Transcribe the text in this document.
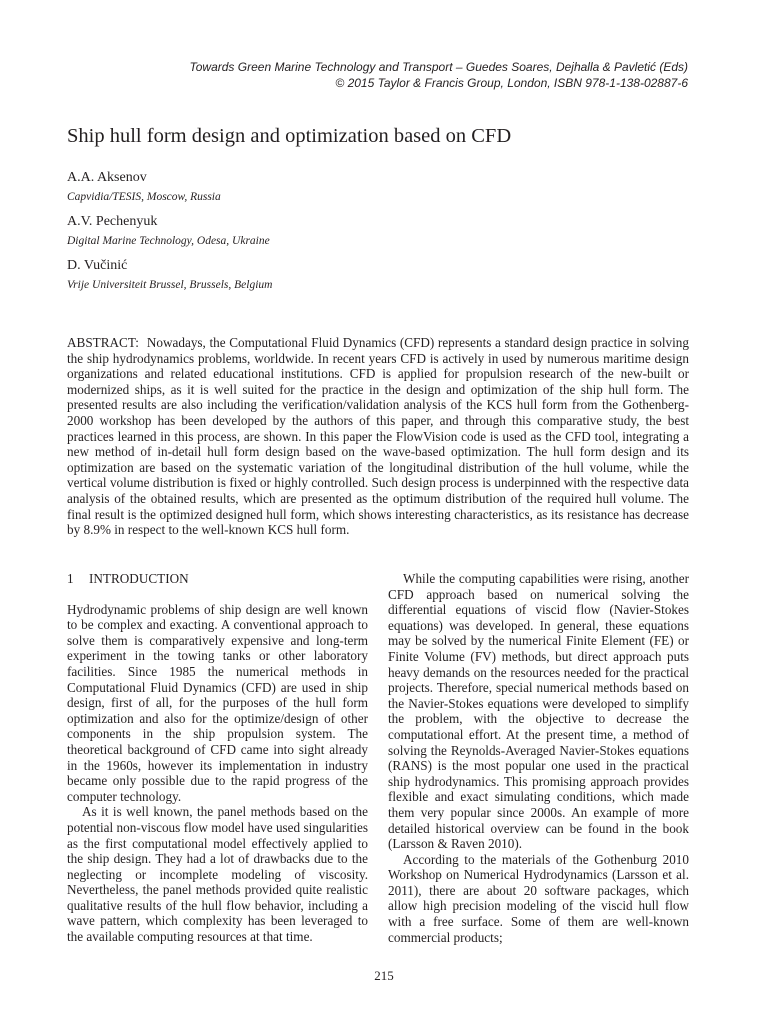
Towards Green Marine Technology and Transport – Guedes Soares, Dejhalla & Pavletić (Eds)
© 2015 Taylor & Francis Group, London, ISBN 978-1-138-02887-6
Ship hull form design and optimization based on CFD
A.A. Aksenov
Capvidia/TESIS, Moscow, Russia
A.V. Pechenyuk
Digital Marine Technology, Odesa, Ukraine
D. Vučinić
Vrije Universiteit Brussel, Brussels, Belgium
ABSTRACT: Nowadays, the Computational Fluid Dynamics (CFD) represents a standard design practice in solving the ship hydrodynamics problems, worldwide. In recent years CFD is actively in used by numerous maritime design organizations and related educational institutions. CFD is applied for propulsion research of the new-built or modernized ships, as it is well suited for the practice in the design and optimization of the ship hull form. The presented results are also including the verification/validation analysis of the KCS hull form from the Gothenberg-2000 workshop has been developed by the authors of this paper, and through this comparative study, the best practices learned in this process, are shown. In this paper the FlowVision code is used as the CFD tool, integrating a new method of in-detail hull form design based on the wave-based optimization. The hull form design and its optimization are based on the systematic variation of the longitudinal distribution of the hull volume, while the vertical volume distribution is fixed or highly controlled. Such design process is underpinned with the respective data analysis of the obtained results, which are presented as the optimum distribution of the required hull volume. The final result is the optimized designed hull form, which shows interesting characteristics, as its resistance has decrease by 8.9% in respect to the well-known KCS hull form.
1 INTRODUCTION

Hydrodynamic problems of ship design are well known to be complex and exacting. A conventional approach to solve them is comparatively expensive and long-term experiment in the towing tanks or other laboratory facilities. Since 1985 the numerical methods in Computational Fluid Dynamics (CFD) are used in ship design, first of all, for the purposes of the hull form optimization and also for the optimize/design of other components in the ship propulsion system. The theoretical background of CFD came into sight already in the 1960s, however its implementation in industry became only possible due to the rapid progress of the computer technology.

As it is well known, the panel methods based on the potential non-viscous flow model have used singularities as the first computational model effectively applied to the ship design. They had a lot of drawbacks due to the neglecting or incomplete modeling of viscosity. Nevertheless, the panel methods provided quite realistic qualitative results of the hull flow behavior, including a wave pattern, which complexity has been leveraged to the available computing resources at that time.

While the computing capabilities were rising, another CFD approach based on numerical solving the differential equations of viscid flow (Navier-Stokes equations) was developed. In general, these equations may be solved by the numerical Finite Element (FE) or Finite Volume (FV) methods, but direct approach puts heavy demands on the resources needed for the practical projects. Therefore, special numerical methods based on the Navier-Stokes equations were developed to simplify the problem, with the objective to decrease the computational effort. At the present time, a method of solving the Reynolds-Averaged Navier-Stokes equations (RANS) is the most popular one used in the practical ship hydrodynamics. This promising approach provides flexible and exact simulating conditions, which made them very popular since 2000s. An example of more detailed historical overview can be found in the book (Larsson & Raven 2010).

According to the materials of the Gothenburg 2010 Workshop on Numerical Hydrodynamics (Larsson et al. 2011), there are about 20 software packages, which allow high precision modeling of the viscid hull flow with a free surface. Some of them are well-known commercial products;

215
